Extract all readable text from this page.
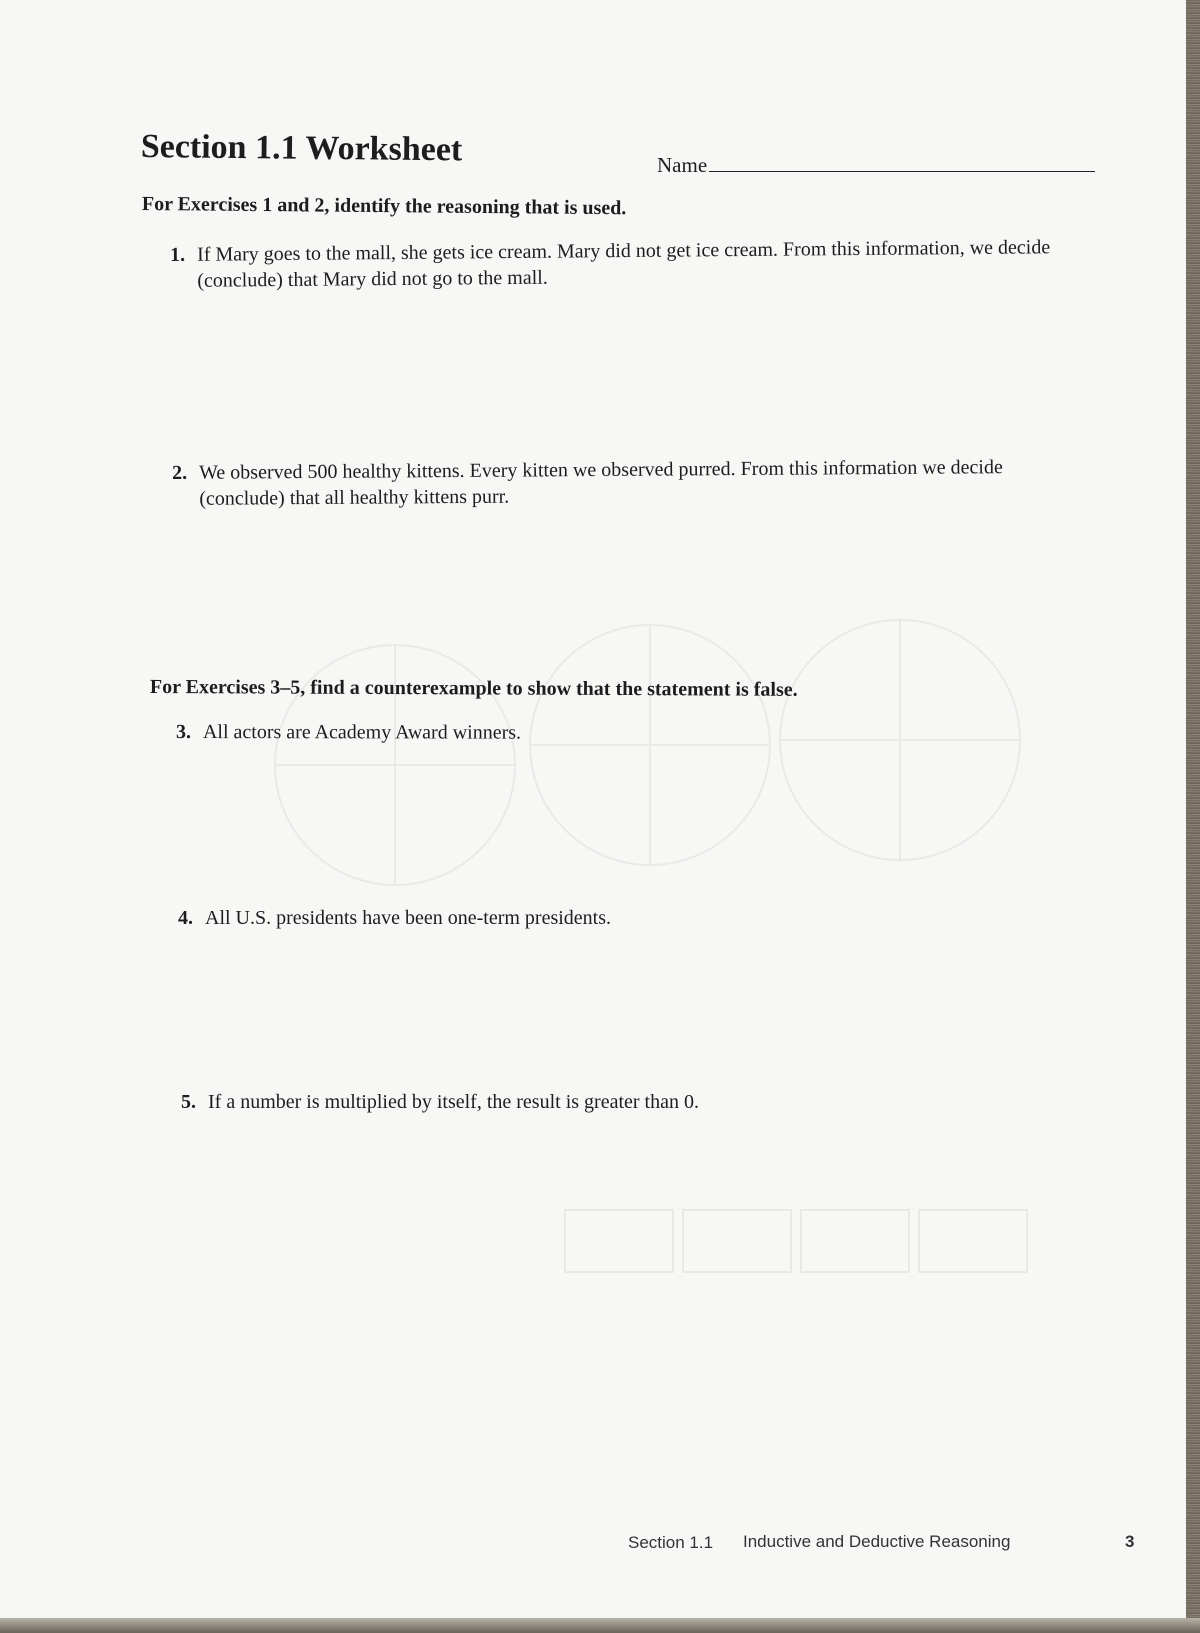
Section 1.1 Worksheet	Name
For Exercises 1 and 2, identify the reasoning that is used.
1. If Mary goes to the mall, she gets ice cream. Mary did not get ice cream. From this information, we decide (conclude) that Mary did not go to the mall.
2. We observed 500 healthy kittens. Every kitten we observed purred. From this information we decide (conclude) that all healthy kittens purr.
For Exercises 3–5, find a counterexample to show that the statement is false.
3. All actors are Academy Award winners.
4. All U.S. presidents have been one-term presidents.
5. If a number is multiplied by itself, the result is greater than 0.
Section 1.1 Inductive and Deductive Reasoning	3
